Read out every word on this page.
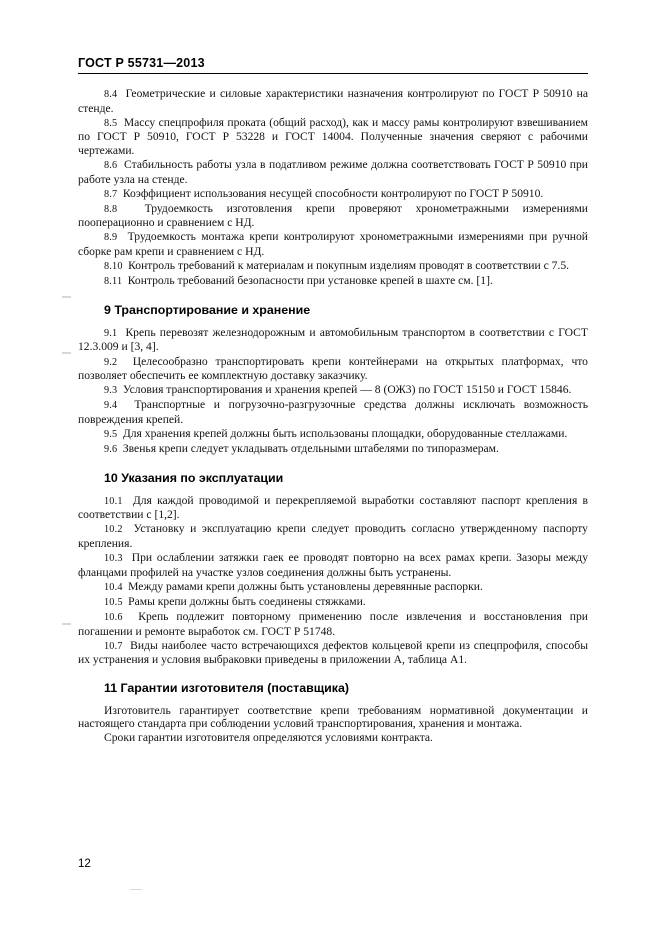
ГОСТ Р 55731—2013

8.4 Геометрические и силовые характеристики назначения контролируют по ГОСТ Р 50910 на стенде.

8.5 Массу спецпрофиля проката (общий расход), как и массу рамы контролируют взвешиванием по ГОСТ Р 50910, ГОСТ Р 53228 и ГОСТ 14004. Полученные значения сверяют с рабочими чертежами.

8.6 Стабильность работы узла в податливом режиме должна соответствовать ГОСТ Р 50910 при работе узла на стенде.

8.7 Коэффициент использования несущей способности контролируют по ГОСТ Р 50910.

8.8 Трудоемкость изготовления крепи проверяют хронометражными измерениями пооперационно и сравнением с НД.

8.9 Трудоемкость монтажа крепи контролируют хронометражными измерениями при ручной сборке рам крепи и сравнением с НД.

8.10 Контроль требований к материалам и покупным изделиям проводят в соответствии с 7.5.

8.11 Контроль требований безопасности при установке крепей в шахте см. [1].

9 Транспортирование и хранение

9.1 Крепь перевозят железнодорожным и автомобильным транспортом в соответствии с ГОСТ 12.3.009 и [3, 4].

9.2 Целесообразно транспортировать крепи контейнерами на открытых платформах, что позволяет обеспечить ее комплектную доставку заказчику.

9.3 Условия транспортирования и хранения крепей — 8 (ОЖ3) по ГОСТ 15150 и ГОСТ 15846.

9.4 Транспортные и погрузочно-разгрузочные средства должны исключать возможность повреждения крепей.

9.5 Для хранения крепей должны быть использованы площадки, оборудованные стеллажами.

9.6 Звенья крепи следует укладывать отдельными штабелями по типоразмерам.

10 Указания по эксплуатации

10.1 Для каждой проводимой и перекрепляемой выработки составляют паспорт крепления в соответствии с [1,2].

10.2 Установку и эксплуатацию крепи следует проводить согласно утвержденному паспорту крепления.

10.3 При ослаблении затяжки гаек ее проводят повторно на всех рамах крепи. Зазоры между фланцами профилей на участке узлов соединения должны быть устранены.

10.4 Между рамами крепи должны быть установлены деревянные распорки.

10.5 Рамы крепи должны быть соединены стяжками.

10.6 Крепь подлежит повторному применению после извлечения и восстановления при погашении и ремонте выработок см. ГОСТ Р 51748.

10.7 Виды наиболее часто встречающихся дефектов кольцевой крепи из спецпрофиля, способы их устранения и условия выбраковки приведены в приложении А, таблица А1.

11 Гарантии изготовителя (поставщика)

Изготовитель гарантирует соответствие крепи требованиям нормативной документации и настоящего стандарта при соблюдении условий транспортирования, хранения и монтажа.

Сроки гарантии изготовителя определяются условиями контракта.

12
